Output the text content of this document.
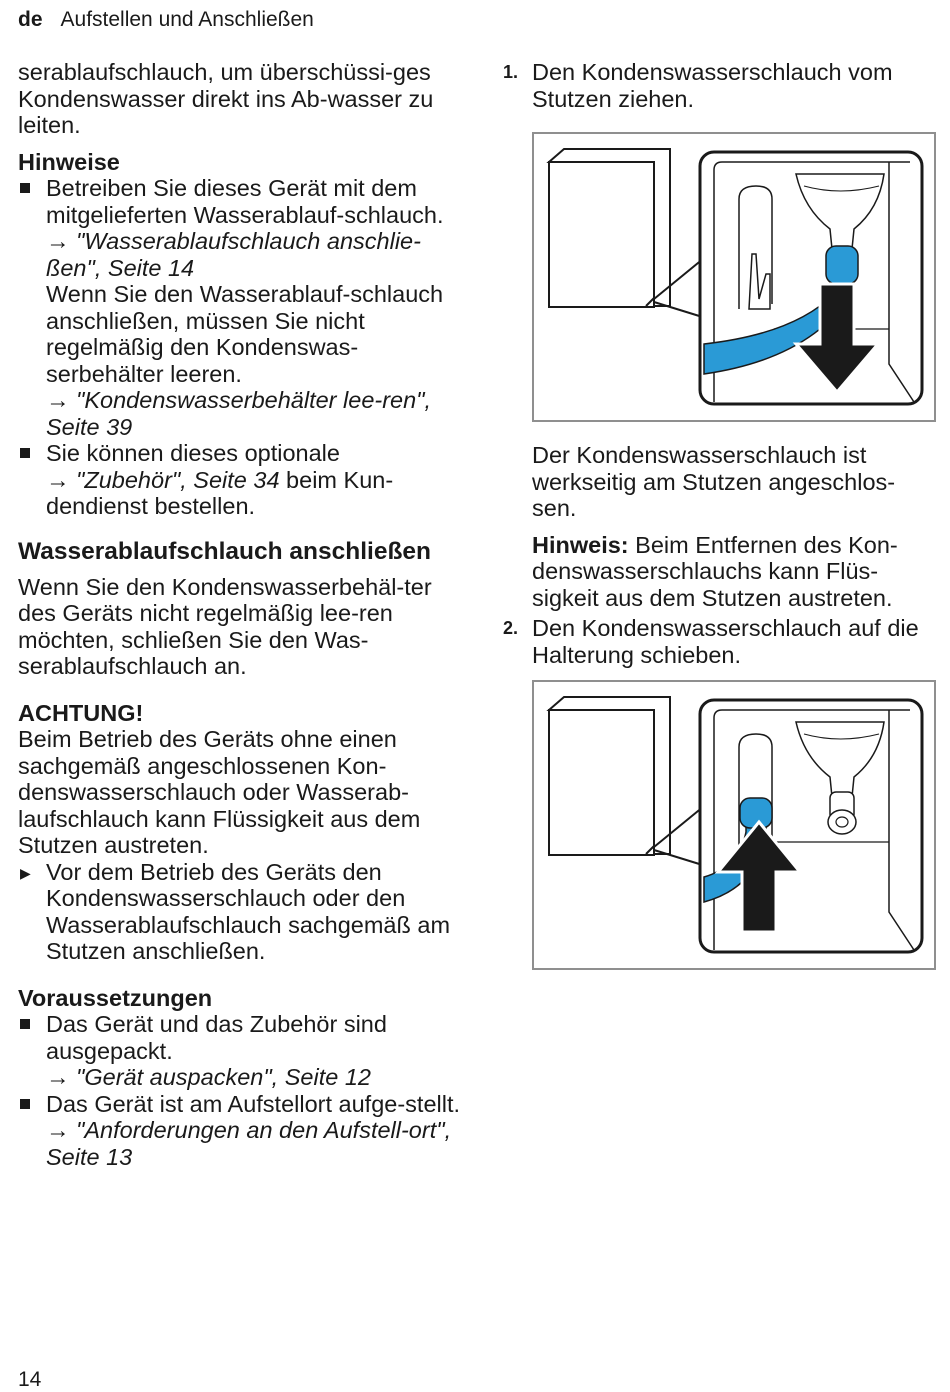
de Aufstellen und Anschließen

serablaufschlauch, um überschüssi-ges Kondenswasser direkt ins Ab-wasser zu leiten.

Hinweise

Betreiben Sie dieses Gerät mit dem mitgelieferten Wasserablauf-schlauch.
→ "Wasserablaufschlauch anschlie-ßen", Seite 14
Wenn Sie den Wasserablauf-schlauch anschließen, müssen Sie nicht regelmäßig den Kondenswas-serbehälter leeren.
→ "Kondenswasserbehälter lee-ren", Seite 39
Sie können dieses optionale
→ "Zubehör", Seite 34 beim Kun-dendienst bestellen.

Wasserablaufschlauch anschließen

Wenn Sie den Kondenswasserbehäl-ter des Geräts nicht regelmäßig lee-ren möchten, schließen Sie den Was-serablaufschlauch an.

ACHTUNG!

Beim Betrieb des Geräts ohne einen sachgemäß angeschlossenen Kon-denswasserschlauch oder Wasserab-laufschlauch kann Flüssigkeit aus dem Stutzen austreten.

▶ Vor dem Betrieb des Geräts den Kondenswasserschlauch oder den Wasserablaufschlauch sachgemäß am Stutzen anschließen.

Voraussetzungen

Das Gerät und das Zubehör sind ausgepackt.
→ "Gerät auspacken", Seite 12
Das Gerät ist am Aufstellort aufge-stellt.
→ "Anforderungen an den Aufstell-ort", Seite 13
1. Den Kondenswasserschlauch vom Stutzen ziehen.

Der Kondenswasserschlauch ist werkseitig am Stutzen angeschlos-sen.

Hinweis: Beim Entfernen des Kon-denswasserschlauchs kann Flüs-sigkeit aus dem Stutzen austreten.

2. Den Kondenswasserschlauch auf die Halterung schieben.
14
